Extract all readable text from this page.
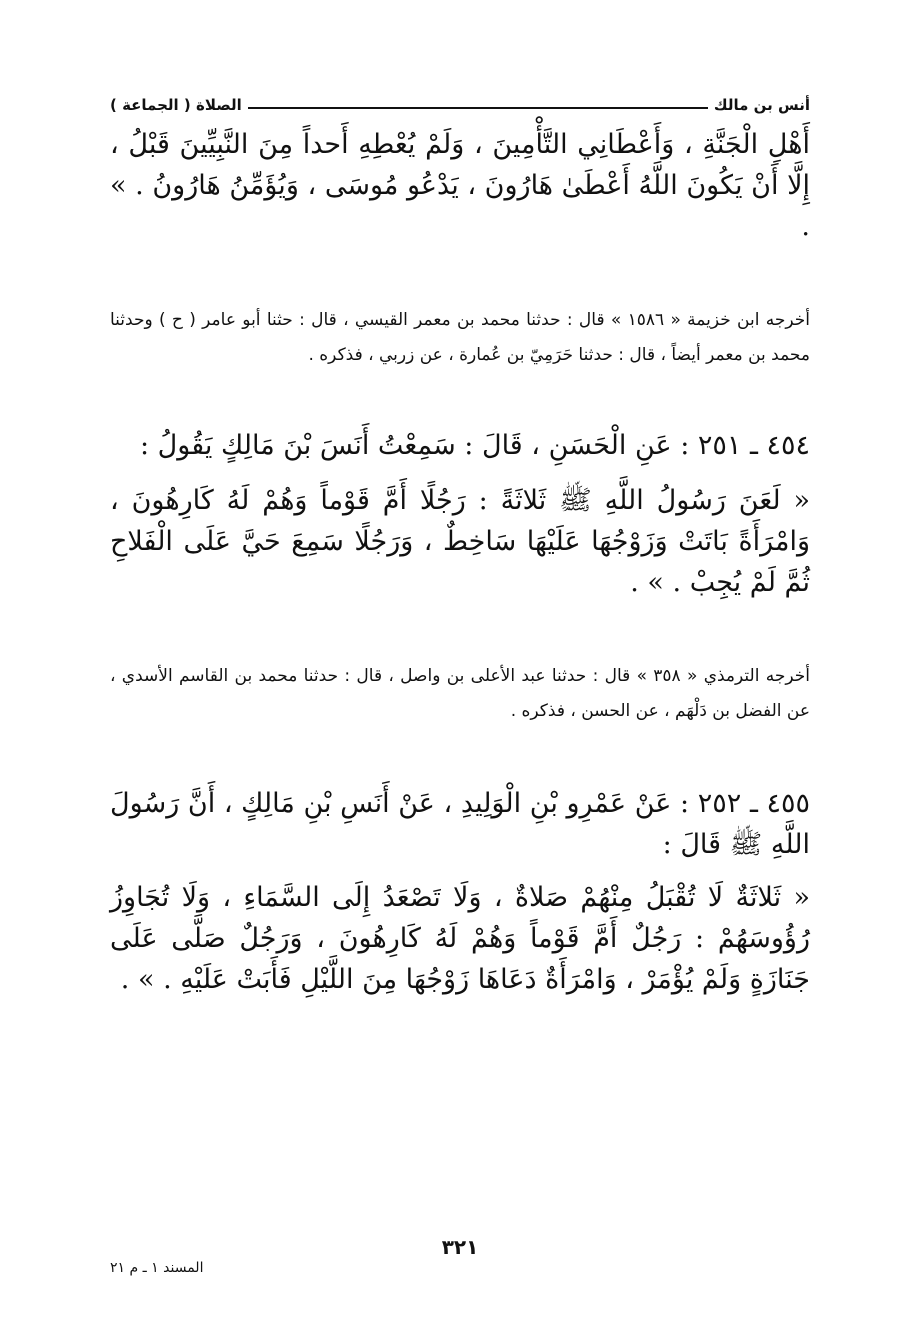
أنس بن مالك
الصلاة ( الجماعة )

أَهْلِ الْجَنَّةِ ، وَأَعْطَانِي التَّأْمِينَ ، وَلَمْ يُعْطِهِ أَحداً مِنَ النَّبِيِّينَ قَبْلُ ، إِلَّا أَنْ يَكُونَ اللَّهُ أَعْطَىٰ هَارُونَ ، يَدْعُو مُوسَى ، وَيُؤَمِّنُ هَارُونُ . » .

أخرجه ابن خزيمة « ١٥٨٦ » قال : حدثنا محمد بن معمر القيسي ، قال : حثنا أبو عامر ( ح ) وحدثنا محمد بن معمر أيضاً ، قال : حدثنا حَرَمِيّ بن عُمارة ، عن زربي ، فذكره .

٤٥٤ ـ ٢٥١ : عَنِ الْحَسَنِ ، قَالَ : سَمِعْتُ أَنَسَ بْنَ مَالِكٍ يَقُولُ :

« لَعَنَ رَسُولُ اللَّهِ ﷺ ثَلاثَةً : رَجُلًا أَمَّ قَوْماً وَهُمْ لَهُ كَارِهُونَ ، وَامْرَأَةً بَاتَتْ وَزَوْجُهَا عَلَيْهَا سَاخِطٌ ، وَرَجُلًا سَمِعَ حَيَّ عَلَى الْفَلاحِ ثُمَّ لَمْ يُجِبْ . » .

أخرجه الترمذي « ٣٥٨ » قال : حدثنا عبد الأعلى بن واصل ، قال : حدثنا محمد بن القاسم الأسدي ، عن الفضل بن دَلْهَم ، عن الحسن ، فذكره .

٤٥٥ ـ ٢٥٢ : عَنْ عَمْرِو بْنِ الْوَلِيدِ ، عَنْ أَنَسِ بْنِ مَالِكٍ ، أَنَّ رَسُولَ اللَّهِ ﷺ قَالَ :

« ثَلاثَةٌ لَا تُقْبَلُ مِنْهُمْ صَلاةٌ ، وَلَا تَصْعَدُ إِلَى السَّمَاءِ ، وَلَا تُجَاوِزُ رُؤُوسَهُمْ : رَجُلٌ أَمَّ قَوْماً وَهُمْ لَهُ كَارِهُونَ ، وَرَجُلٌ صَلَّى عَلَى جَنَازَةٍ وَلَمْ يُؤْمَرْ ، وَامْرَأَةٌ دَعَاهَا زَوْجُهَا مِنَ اللَّيْلِ فَأَبَتْ عَلَيْهِ . » .

٣٢١
المسند ١ ـ م ٢١
